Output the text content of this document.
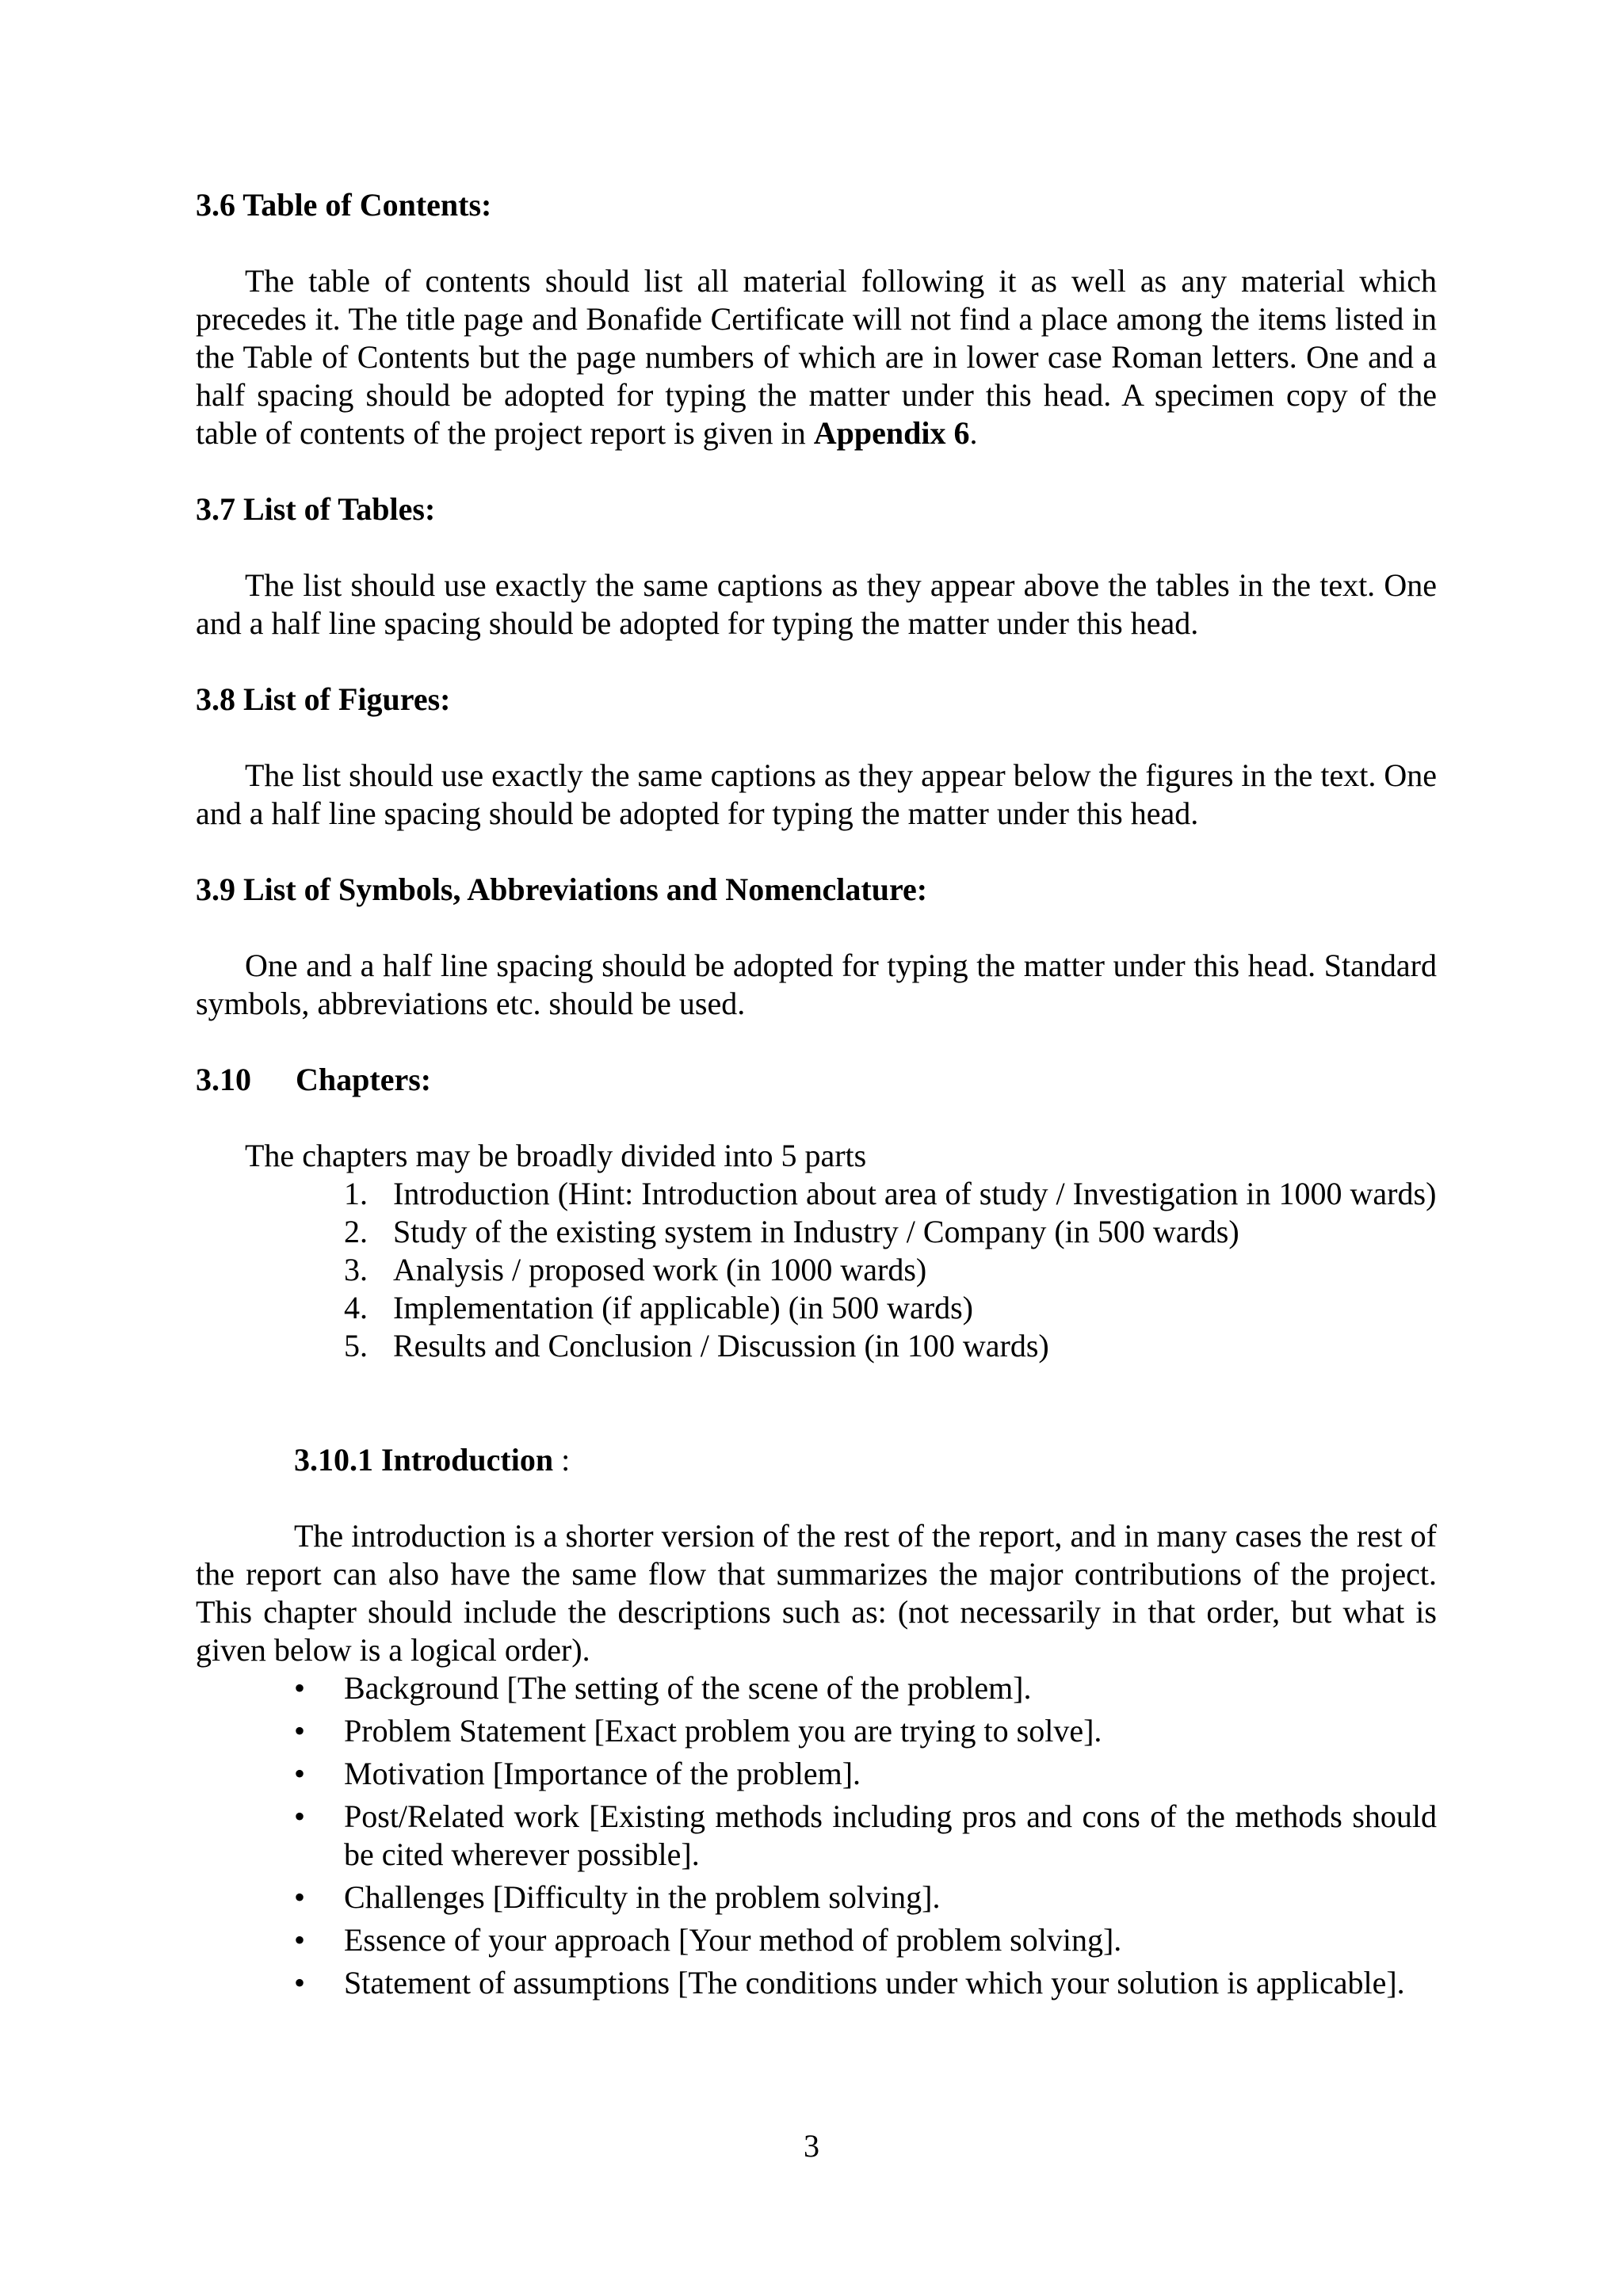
3.6 Table of Contents:

The table of contents should list all material following it as well as any material which precedes it. The title page and Bonafide Certificate will not find a place among the items listed in the Table of Contents but the page numbers of which are in lower case Roman letters. One and a half spacing should be adopted for typing the matter under this head. A specimen copy of the table of contents of the project report is given in Appendix 6.

3.7 List of Tables:

The list should use exactly the same captions as they appear above the tables in the text. One and a half line spacing should be adopted for typing the matter under this head.

3.8 List of Figures:

The list should use exactly the same captions as they appear below the figures in the text. One and a half line spacing should be adopted for typing the matter under this head.

3.9 List of Symbols, Abbreviations and Nomenclature:

One and a half line spacing should be adopted for typing the matter under this head. Standard symbols, abbreviations etc. should be used.

3.10 Chapters:

The chapters may be broadly divided into 5 parts

1. Introduction (Hint: Introduction about area of study / Investigation in 1000 wards)
2. Study of the existing system in Industry / Company (in 500 wards)
3. Analysis / proposed work (in 1000 wards)
4. Implementation (if applicable) (in 500 wards)
5. Results and Conclusion / Discussion (in 100 wards)

3.10.1 Introduction :

The introduction is a shorter version of the rest of the report, and in many cases the rest of the report can also have the same flow that summarizes the major contributions of the project. This chapter should include the descriptions such as: (not necessarily in that order, but what is given below is a logical order).

•	Background [The setting of the scene of the problem].
•	Problem Statement [Exact problem you are trying to solve].
•	Motivation [Importance of the problem].
•	Post/Related work [Existing methods including pros and cons of the methods should be cited wherever possible].
•	Challenges [Difficulty in the problem solving].
•	Essence of your approach [Your method of problem solving].
•	Statement of assumptions [The conditions under which your solution is applicable].
3
